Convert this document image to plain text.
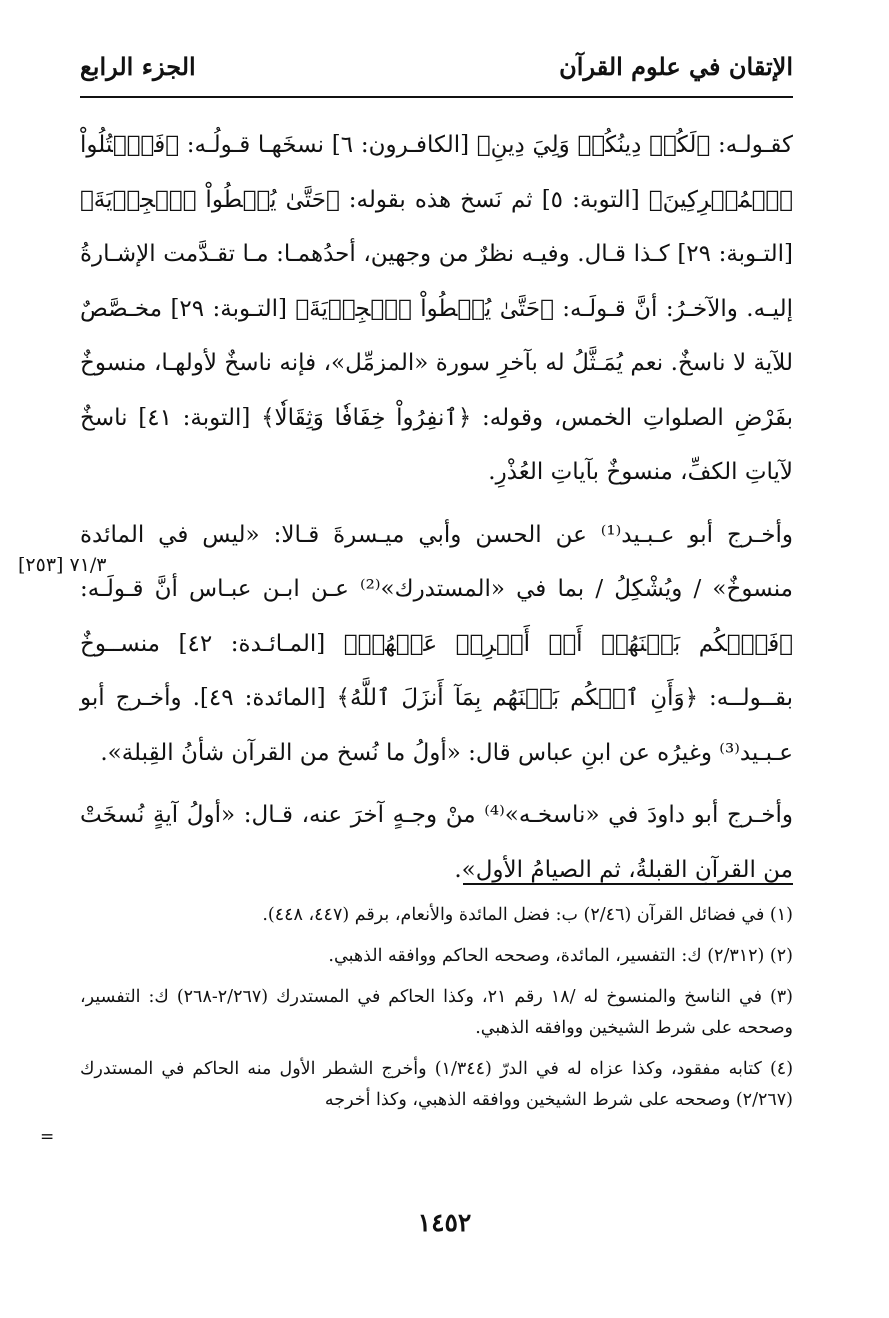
الإتقان في علوم القرآن
الجزء الرابع

كقـولـه: ﴿لَكُمۡ دِينُكُمۡ وَلِيَ دِينِ﴾ [الكافـرون: ٦] نسخَهـا قـولُـه: ﴿فَٱقۡتُلُواْ ٱلۡمُشۡرِكِينَ﴾ [التوبة: ٥] ثم نَسخ هذه بقوله: ﴿حَتَّىٰ يُعۡطُواْ ٱلۡجِزۡيَةَ﴾ [التـوبة: ٢٩] كـذا قـال. وفيـه نظرٌ من وجهين، أحدُهمـا: مـا تقـدَّمت الإشـارةُ إليـه. والآخـرُ: أنَّ قـولَـه: ﴿حَتَّىٰ يُعۡطُواْ ٱلۡجِزۡيَةَ﴾ [التـوبة: ٢٩] مخـصَّصٌ للآية لا ناسخٌ. نعم يُمَـثَّلُ له بآخرِ سورة «المزمِّل»، فإنه ناسخٌ لأولهـا، منسوخٌ بفَرْضِ الصلواتِ الخمس، وقوله: ﴿ٱنفِرُواْ خِفَافٗا وَثِقَالٗا﴾ [التوبة: ٤١] ناسخٌ لآياتِ الكفِّ، منسوخٌ بآياتِ العُذْرِ.

وأخـرج أبو عـبـيد⁽¹⁾ عن الحسن وأبي ميـسرةَ قـالا: «ليس في المائدة منسوخٌ» / ويُشْكِلُ / بما في «المستدرك»⁽²⁾ عـن ابـن عبـاس أنَّ قـولَـه: ﴿فَٱحۡكُم بَيۡنَهُمۡ أَوۡ أَعۡرِضۡ عَنۡهُمۡ﴾ [المـائـدة: ٤٢] منســوخٌ بقــولــه: ﴿وَأَنِ ٱحۡكُم بَيۡنَهُم بِمَآ أَنزَلَ ٱللَّهُ﴾ [المائدة: ٤٩]. وأخـرج أبو عـبـيد⁽³⁾ وغيرُه عن ابنِ عباس قال: «أولُ ما نُسخ من القرآن شأنُ القِبلة».

وأخـرج أبو داودَ في «ناسخـه»⁽⁴⁾ منْ وجـهٍ آخرَ عنه، قـال: «أولُ آيةٍ نُسخَتْ من القرآنِ القبلةُ، ثم الصيامُ الأول».

٧١/٣ [٢٥٣]

(١) في فضائل القرآن (٢/٤٦) ب: فضل المائدة والأنعام، برقم (٤٤٧، ٤٤٨).

(٢) (٢/٣١٢) ك: التفسير، المائدة، وصححه الحاكم ووافقه الذهبي.

(٣) في الناسخ والمنسوخ له /١٨ رقم ٢١، وكذا الحاكم في المستدرك (٢/٢٦٧-٢٦٨) ك: التفسير، وصححه على شرط الشيخين ووافقه الذهبي.

(٤) كتابه مفقود، وكذا عزاه له في الدرّ (١/٣٤٤) وأخرج الشطر الأول منه الحاكم في المستدرك (٢/٢٦٧) وصححه على شرط الشيخين ووافقه الذهبي، وكذا أخرجه

=
١٤٥٢
